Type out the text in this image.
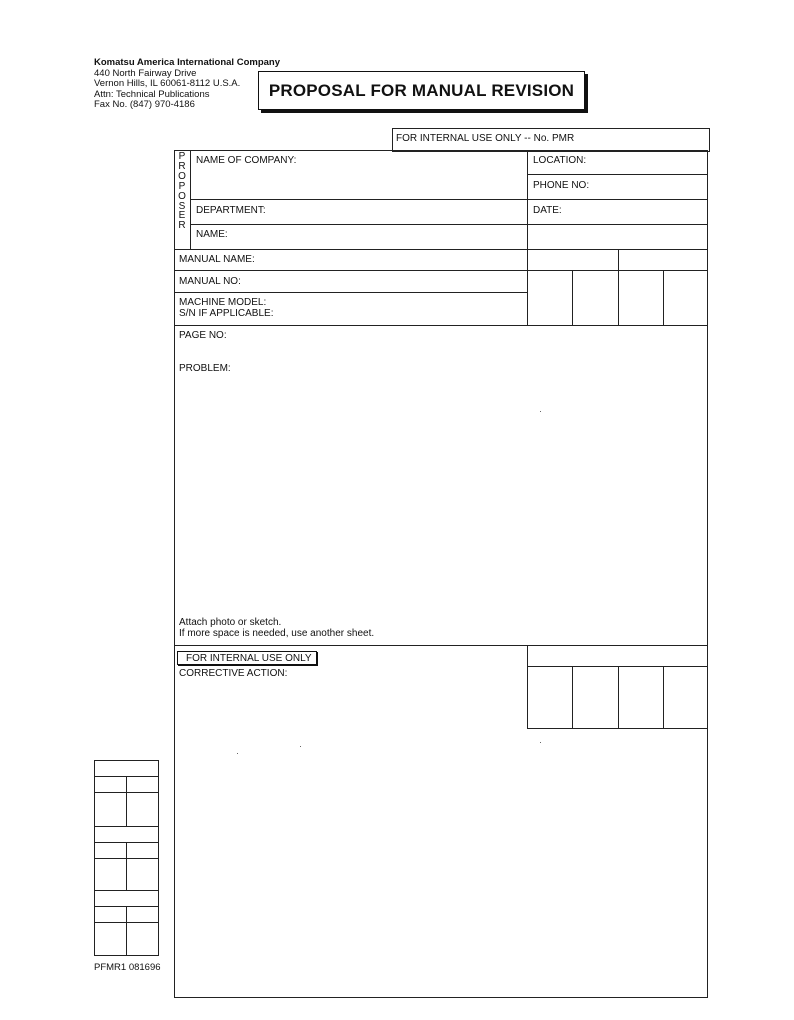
Komatsu America International Company
440 North Fairway Drive
Vernon Hills, IL 60061-8112 U.S.A.
Attn: Technical Publications
Fax No. (847) 970-4186
PROPOSAL FOR MANUAL REVISION
FOR INTERNAL USE ONLY -- No. PMR
P
R
O
P
O
S
E
R
NAME OF COMPANY:	LOCATION:
PHONE NO:
DEPARTMENT:	DATE:
NAME:
MANUAL NAME:
MANUAL NO:
MACHINE MODEL:
S/N IF APPLICABLE:
PAGE NO:
PROBLEM:
Attach photo or sketch.
If more space is needed, use another sheet.
FOR INTERNAL USE ONLY
CORRECTIVE ACTION:
PFMR1 081696
